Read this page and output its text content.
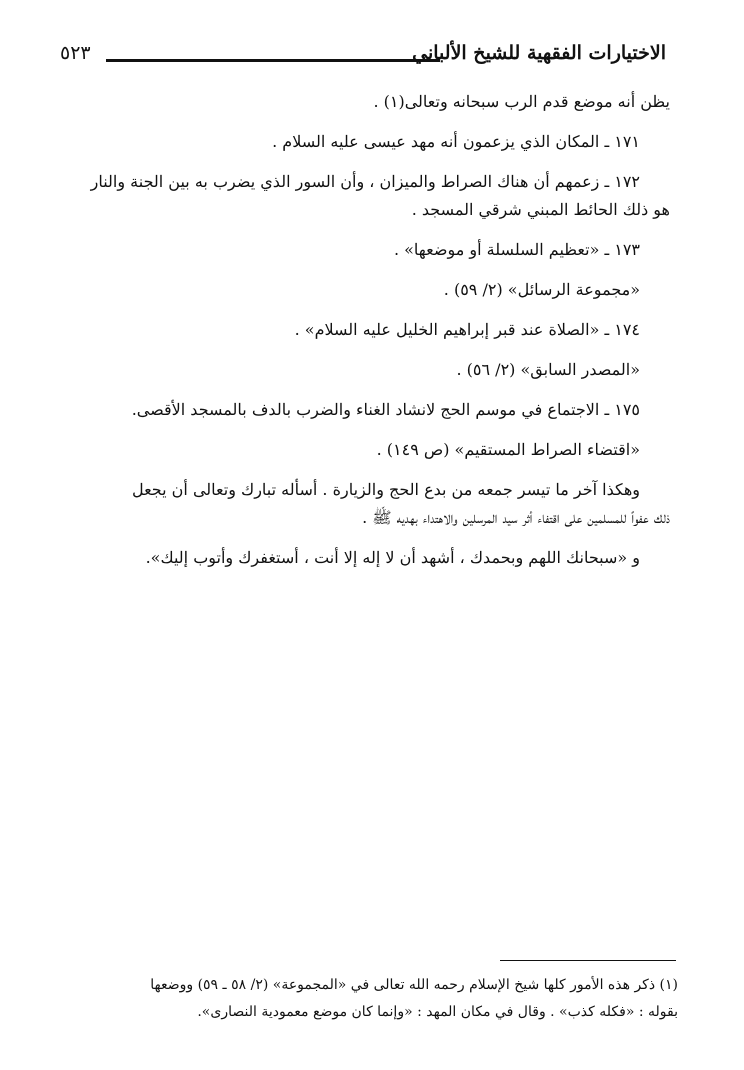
الاختيارات الفقهية للشيخ الألباني
٥٢٣

يظن أنه موضع قدم الرب سبحانه وتعالى(١) .

١٧١ ـ المكان الذي يزعمون أنه مهد عيسى عليه السلام .

١٧٢ ـ زعمهم أن هناك الصراط والميزان ، وأن السور الذي يضرب به بين الجنة والنار
هو ذلك الحائط المبني شرقي المسجد .

١٧٣ ـ «تعظيم السلسلة أو موضعها» .

«مجموعة الرسائل» (٢/ ٥٩) .

١٧٤ ـ «الصلاة عند قبر إبراهيم الخليل عليه السلام» .

«المصدر السابق» (٢/ ٥٦) .

١٧٥ ـ الاجتماع في موسم الحج لانشاد الغناء والضرب بالدف بالمسجد الأقصى.

«اقتضاء الصراط المستقيم» (ص ١٤٩) .

وهكذا آخر ما تيسر جمعه من بدع الحج والزيارة . أسأله تبارك وتعالى أن يجعل
ذلك عفواً للمسلمين على اقتفاء أثر سيد المرسلين والاهتداء بهديه ﷺ .

و «سبحانك اللهم وبحمدك ، أشهد أن لا إله إلا أنت ، أستغفرك وأتوب إليك».

(١) ذكر هذه الأمور كلها شيخ الإسلام رحمه الله تعالى في «المجموعة» (٢/ ٥٨ ـ ٥٩) ووضعها

بقوله : «فكله كذب» . وقال في مكان المهد : «وإنما كان موضع معمودية النصارى».
